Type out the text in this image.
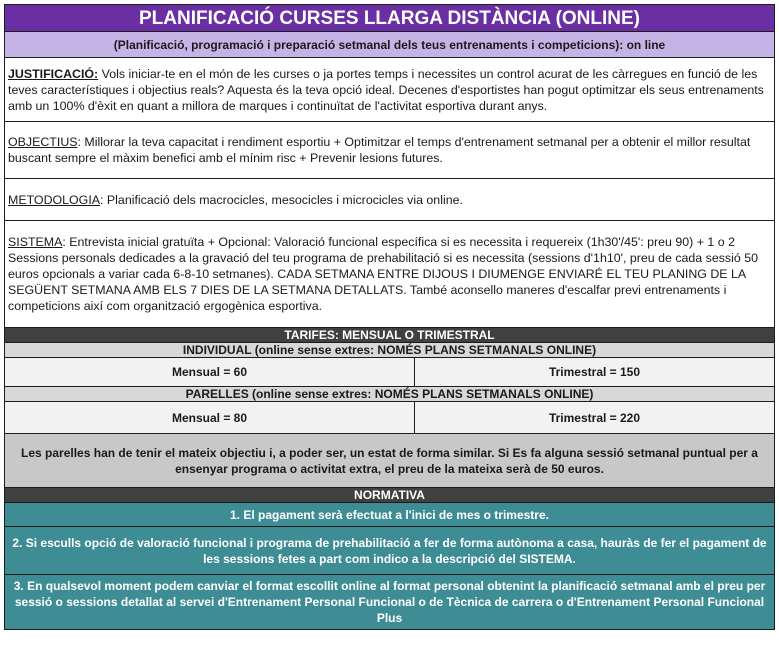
PLANIFICACIÓ CURSES LLARGA DISTÀNCIA (ONLINE)
(Planificació, programació i preparació setmanal dels teus entrenaments i competicions): on line
JUSTIFICACIÓ: Vols iniciar-te en el món de les curses o ja portes temps i necessites un control acurat de les càrregues en funció de les teves característiques i objectius reals? Aquesta és la teva opció ideal. Decenes d'esportistes han pogut optimitzar els seus entrenaments amb un 100% d'èxit en quant a millora de marques i continuïtat de l'activitat esportiva durant anys.
OBJECTIUS: Millorar la teva capacitat i rendiment esportiu + Optimitzar el temps d'entrenament setmanal per a obtenir el millor resultat buscant sempre el màxim benefici amb el mínim risc + Prevenir lesions futures.
METODOLOGIA: Planificació dels macrocicles, mesocicles i microcicles via online.
SISTEMA: Entrevista inicial gratuïta + Opcional: Valoració funcional específica si es necessita i requereix (1h30'/45': preu 90) + 1 o 2 Sessions personals dedicades a la gravació del teu programa de prehabilitació si es necessita (sessions d'1h10', preu de cada sessió 50 euros opcionals a variar cada 6-8-10 setmanes). CADA SETMANA ENTRE DIJOUS I DIUMENGE ENVIARÉ EL TEU PLANING DE LA SEGÜENT SETMANA AMB ELS 7 DIES DE LA SETMANA DETALLATS. També aconsello maneres d'escalfar previ entrenaments i competicions així com organització ergogènica esportiva.
TARIFES: MENSUAL O TRIMESTRAL
INDIVIDUAL (online sense extres: NOMÉS PLANS SETMANALS ONLINE)
Mensual = 60	Trimestral = 150
PARELLES (online sense extres: NOMÉS PLANS SETMANALS ONLINE)
Mensual = 80	Trimestral = 220
Les parelles han de tenir el mateix objectiu i, a poder ser, un estat de forma similar. Si Es fa alguna sessió setmanal puntual per a ensenyar programa o activitat extra, el preu de la mateixa serà de 50 euros.
NORMATIVA
1. El pagament serà efectuat a l'inici de mes o trimestre.
2. Si esculls opció de valoració funcional i programa de prehabilitació a fer de forma autònoma a casa, hauràs de fer el pagament de les sessions fetes a part com indico a la descripció del SISTEMA.
3. En qualsevol moment podem canviar el format escollit online al format personal obtenint la planificació setmanal amb el preu per sessió o sessions detallat al servei d'Entrenament Personal Funcional o de Tècnica de carrera o d'Entrenament Personal Funcional Plus
